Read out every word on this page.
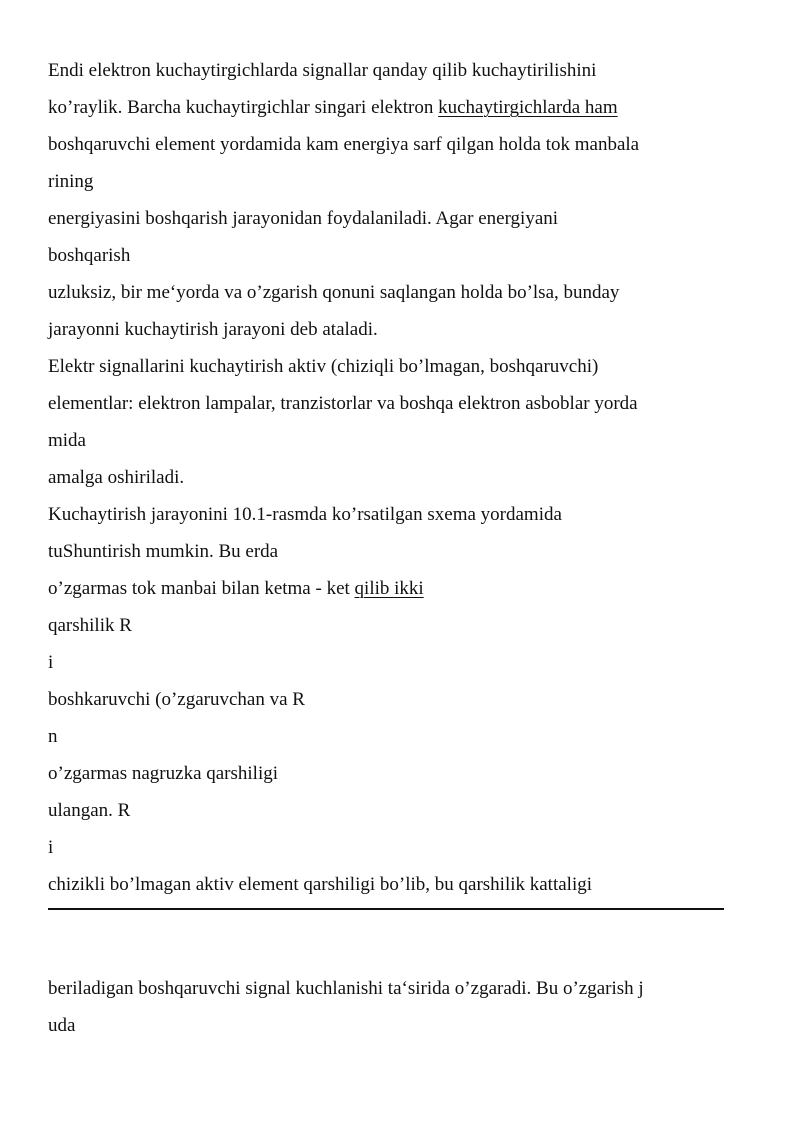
Endi elektron kuchaytirgichlarda signallar qanday qilib kuchaytirilishini
ko’raylik. Barcha kuchaytirgichlar singari elektron kuchaytirgichlarda ham
boshqaruvchi element yordamida kam energiya sarf qilgan holda tok manbala
rining
energiyasini boshqarish jarayonidan foydalaniladi. Agar energiyani
boshqarish
uzluksiz, bir me‘yorda va o’zgarish qonuni saqlangan holda bo’lsa, bunday
jarayonni kuchaytirish jarayoni deb ataladi.
Elektr signallarini kuchaytirish aktiv (chiziqli bo’lmagan, boshqaruvchi)
elementlar: elektron lampalar, tranzistorlar va boshqa elektron asboblar yorda
mida
amalga oshiriladi.
Kuchaytirish jarayonini 10.1-rasmda ko’rsatilgan sxema yordamida
tuShuntirish mumkin. Bu erda
o’zgarmas tok manbai bilan ketma - ket qilib ikki
qarshilik R
i
boshkaruvchi (o’zgaruvchan va R
n
o’zgarmas nagruzka qarshiligi
ulangan. R
i
chizikli bo’lmagan aktiv element qarshiligi bo’lib, bu qarshilik kattaligi
beriladigan boshqaruvchi signal kuchlanishi ta‘sirida o’zgaradi. Bu o’zgarish j
uda
